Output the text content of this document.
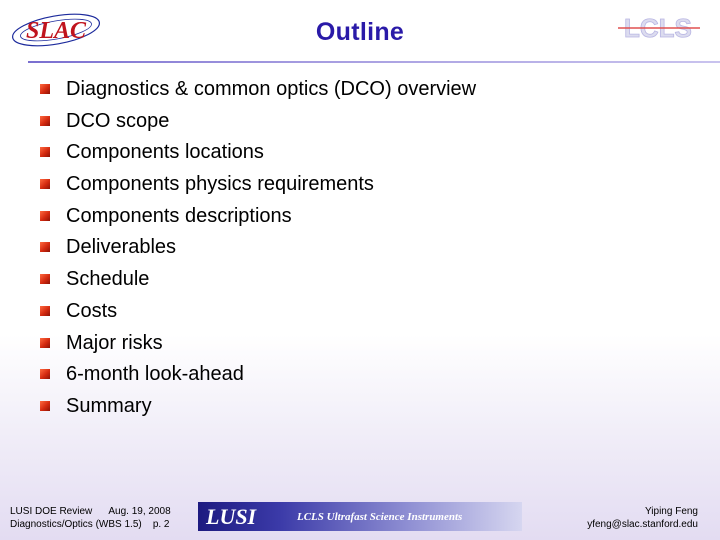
SLAC	LCLS
Outline
Diagnostics & common optics (DCO) overview
DCO scope
Components locations
Components physics requirements
Components descriptions
Deliverables
Schedule
Costs
Major risks
6-month look-ahead
Summary
LUSI DOE Review      Aug. 19, 2008
Diagnostics/Optics (WBS 1.5)    p. 2 LUSI	LCLS Ultrafast Science Instruments	Yiping Feng
yfeng@slac.stanford.edu
